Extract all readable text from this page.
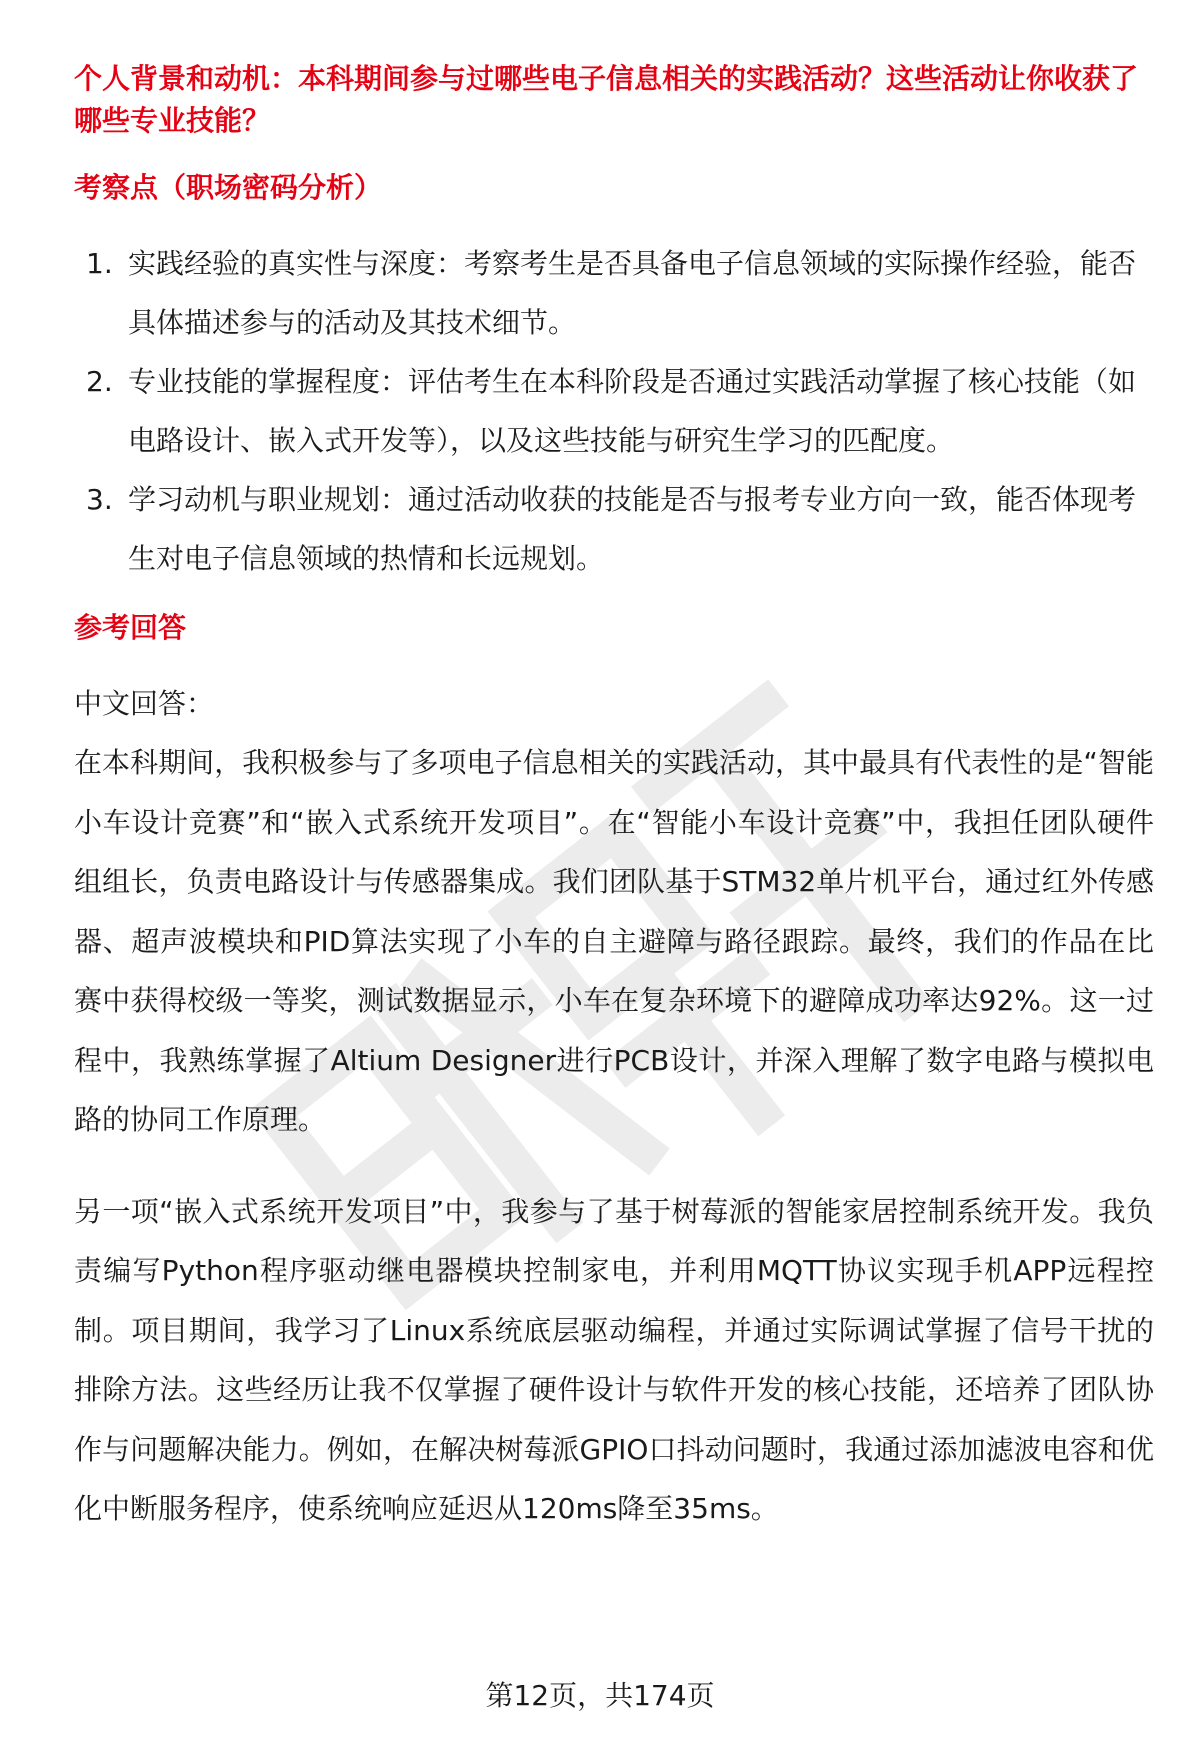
个人背景和动机：本科期间参与过哪些电子信息相关的实践活动？这些活动让你收获了哪些专业技能？

考察点（职场密码分析）

1. 实践经验的真实性与深度：考察考生是否具备电子信息领域的实际操作经验，能否具体描述参与的活动及其技术细节。
2. 专业技能的掌握程度：评估考生在本科阶段是否通过实践活动掌握了核心技能（如电路设计、嵌入式开发等），以及这些技能与研究生学习的匹配度。
3. 学习动机与职业规划：通过活动收获的技能是否与报考专业方向一致，能否体现考生对电子信息领域的热情和长远规划。

参考回答

中文回答：

在本科期间，我积极参与了多项电子信息相关的实践活动，其中最具有代表性的是“智能小车设计竞赛”和“嵌入式系统开发项目”。在“智能小车设计竞赛”中，我担任团队硬件组组长，负责电路设计与传感器集成。我们团队基于STM32单片机平台，通过红外传感器、超声波模块和PID算法实现了小车的自主避障与路径跟踪。最终，我们的作品在比赛中获得校级一等奖，测试数据显示，小车在复杂环境下的避障成功率达92%。这一过程中，我熟练掌握了Altium Designer进行PCB设计，并深入理解了数字电路与模拟电路的协同工作原理。

另一项“嵌入式系统开发项目”中，我参与了基于树莓派的智能家居控制系统开发。我负责编写Python程序驱动继电器模块控制家电，并利用MQTT协议实现手机APP远程控制。项目期间，我学习了Linux系统底层驱动编程，并通过实际调试掌握了信号干扰的排除方法。这些经历让我不仅掌握了硬件设计与软件开发的核心技能，还培养了团队协作与问题解决能力。例如，在解决树莓派GPIO口抖动问题时，我通过添加滤波电容和优化中断服务程序，使系统响应延迟从120ms降至35ms。

第12页，共174页
